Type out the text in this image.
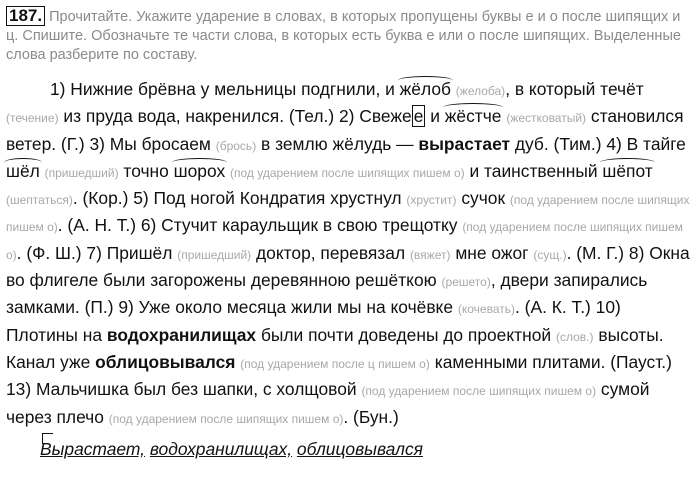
187. Прочитайте. Укажите ударение в словах, в которых пропущены буквы е и о после шипящих и ц. Спишите. Обозначьте те части слова, в которых есть буква е или о после шипящих. Выделенные слова разберите по составу.
1) Нижние брёвна у мельницы подгнили, и жёлоб (желоба), в который течёт (течение) из пруда вода, накренился. (Тел.) 2) Свеже е и жёстче (жестковатый) становился ветер. (Г.) 3) Мы бросаем (брось) в землю жёлудь — вырастает дуб. (Тим.) 4) В тайге шёл (пришедший) точно шорох (под ударением после шипящих пишем о) и таинственный шёпот (шептаться). (Кор.) 5) Под ногой Кондратия хрустнул (хрустит) сучок (под ударением после шипящих пишем о). (А. Н. Т.) 6) Стучит караульщик в свою трещотку (под ударением после шипящих пишем о). (Ф. Ш.) 7) Пришёл (пришедший) доктор, перевязал (вяжет) мне ожог (сущ.). (М. Г.) 8) Окна во флигеле были загорожены деревянною решёткою (решето), двери запирались замками. (П.) 9) Уже около месяца жили мы на кочёвке (кочевать). (А. К. Т.) 10) Плотины на водохранилищах были почти доведены до проектной (слов.) высоты. Канал уже облицовывался (под ударением после ц пишем о) каменными плитами. (Пауст.) 13) Мальчишка был без шапки, с холщовой (под ударением после шипящих пишем о) сумой через плечо (под ударением после шипящих пишем о). (Бун.)
Вырастает, водохранилищах, облицовывался
